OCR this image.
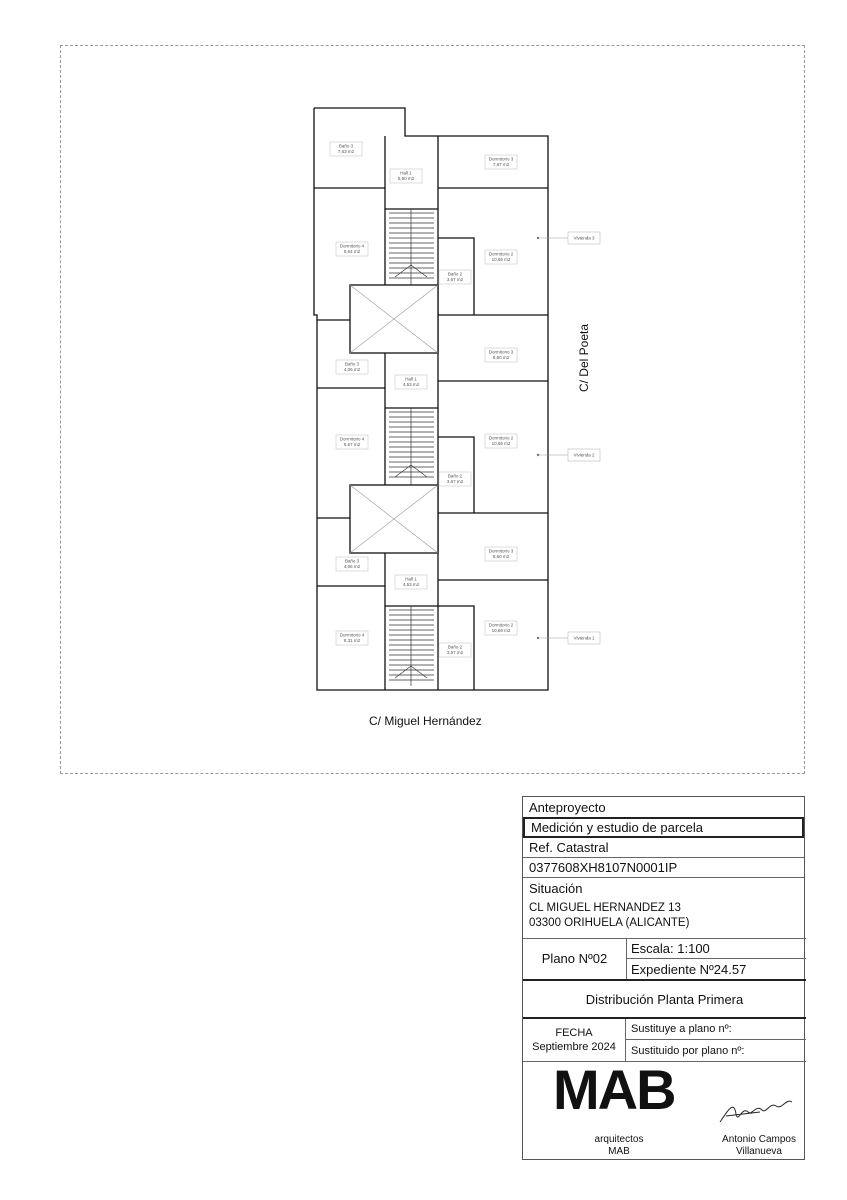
Baño 3
7,63 m2
Hall 1
5,90 m2
Dormitorio 3
7,87 m2
Dormitorio 4
9,64 m2
Baño 2
3,67 m2
Dormitorio 2
10,66 m2
Baño 3
4,06 m2
Hall 1
4,53 m2
Dormitorio 3
8,60 m2
Dormitorio 4
9,67 m2
Dormitorio 2
10,66 m2
Baño 2
3,67 m2
Baño 3
4,06 m2
Dormitorio 3
8,60 m2
Hall 1
4,53 m2
Dormitorio 4
8,31 m2
Dormitorio 2
10,66 m2
Baño 2
3,67 m2
Vivienda 3
Vivienda 2
Vivienda 1
C/ Miguel Hernández
C/ Del Poeta
Anteproyecto
Medición y estudio de parcela
Ref. Catastral
0377608XH8107N0001IP
Situación
CL MIGUEL HERNANDEZ 13
03300 ORIHUELA (ALICANTE)
Plano Nº02
Escala: 1:100
Expediente Nº24.57
Distribución Planta Primera
FECHA
Septiembre 2024
Sustituye a plano nº:
Sustituido por plano nº:
MAB
arquitectos
MAB
Antonio Campos
Villanueva
